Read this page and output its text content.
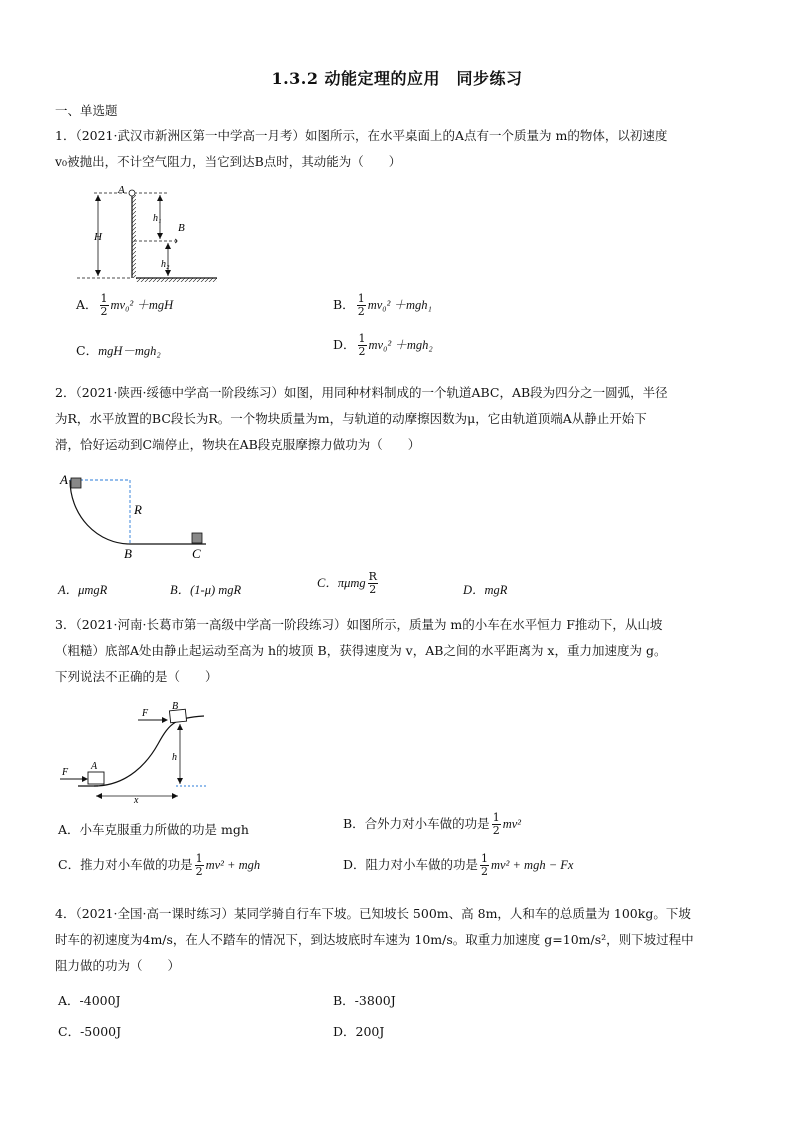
1.3.2 动能定理的应用　同步练习
一、单选题
1．（2021·武汉市新洲区第一中学高一月考）如图所示，在水平桌面上的A点有一个质量为 m的物体，以初速度
v₀被抛出，不计空气阻力，当它到达B点时，其动能为（　　）
A
H
B
h₁
h₂
A． $\frac{1}{2} mv_0^2 +mgH$	B． $\frac{1}{2} mv_0^2 +mgh_1$
C．mgH－mgh₂	D． $\frac{1}{2} mv_0^2 +mgh_2$
2．（2021·陕西·绥德中学高一阶段练习）如图，用同种材料制成的一个轨道ABC，AB段为四分之一圆弧，半径
为R，水平放置的BC段长为R。一个物块质量为m，与轨道的动摩擦因数为μ，它由轨道顶端A从静止开始下
滑，恰好运动到C端停止，物块在AB段克服摩擦力做功为（　　）
A
R
B	C
A．μmgR	B．(1-μ) mgR	C．πμmg $\frac{R}{2}$	D．mgR
3．（2021·河南·长葛市第一高级中学高一阶段练习）如图所示，质量为 m的小车在水平恒力 F推动下，从山坡
（粗糙）底部A处由静止起运动至高为 h的坡顶 B，获得速度为 v，AB之间的水平距离为 x，重力加速度为 g。
下列说法不正确的是（　　）
A
B
F
F
h
x
A．小车克服重力所做的功是 mgh	B．合外力对小车做的功是 $\frac{1}{2} mv^2$
C．推力对小车做的功是 $\frac{1}{2} mv^2$ + mgh	D．阻力对小车做的功是 $\frac{1}{2} mv^2$ + mgh − Fx
4．（2021·全国·高一课时练习）某同学骑自行车下坡。已知坡长 500m、高 8m，人和车的总质量为 100kg。下坡
时车的初速度为4m/s，在人不踏车的情况下，到达坡底时车速为 10m/s。取重力加速度 g=10m/s²，则下坡过程中
阻力做的功为（　　）
A．-4000J	B．-3800J
C．-5000J	D．200J
